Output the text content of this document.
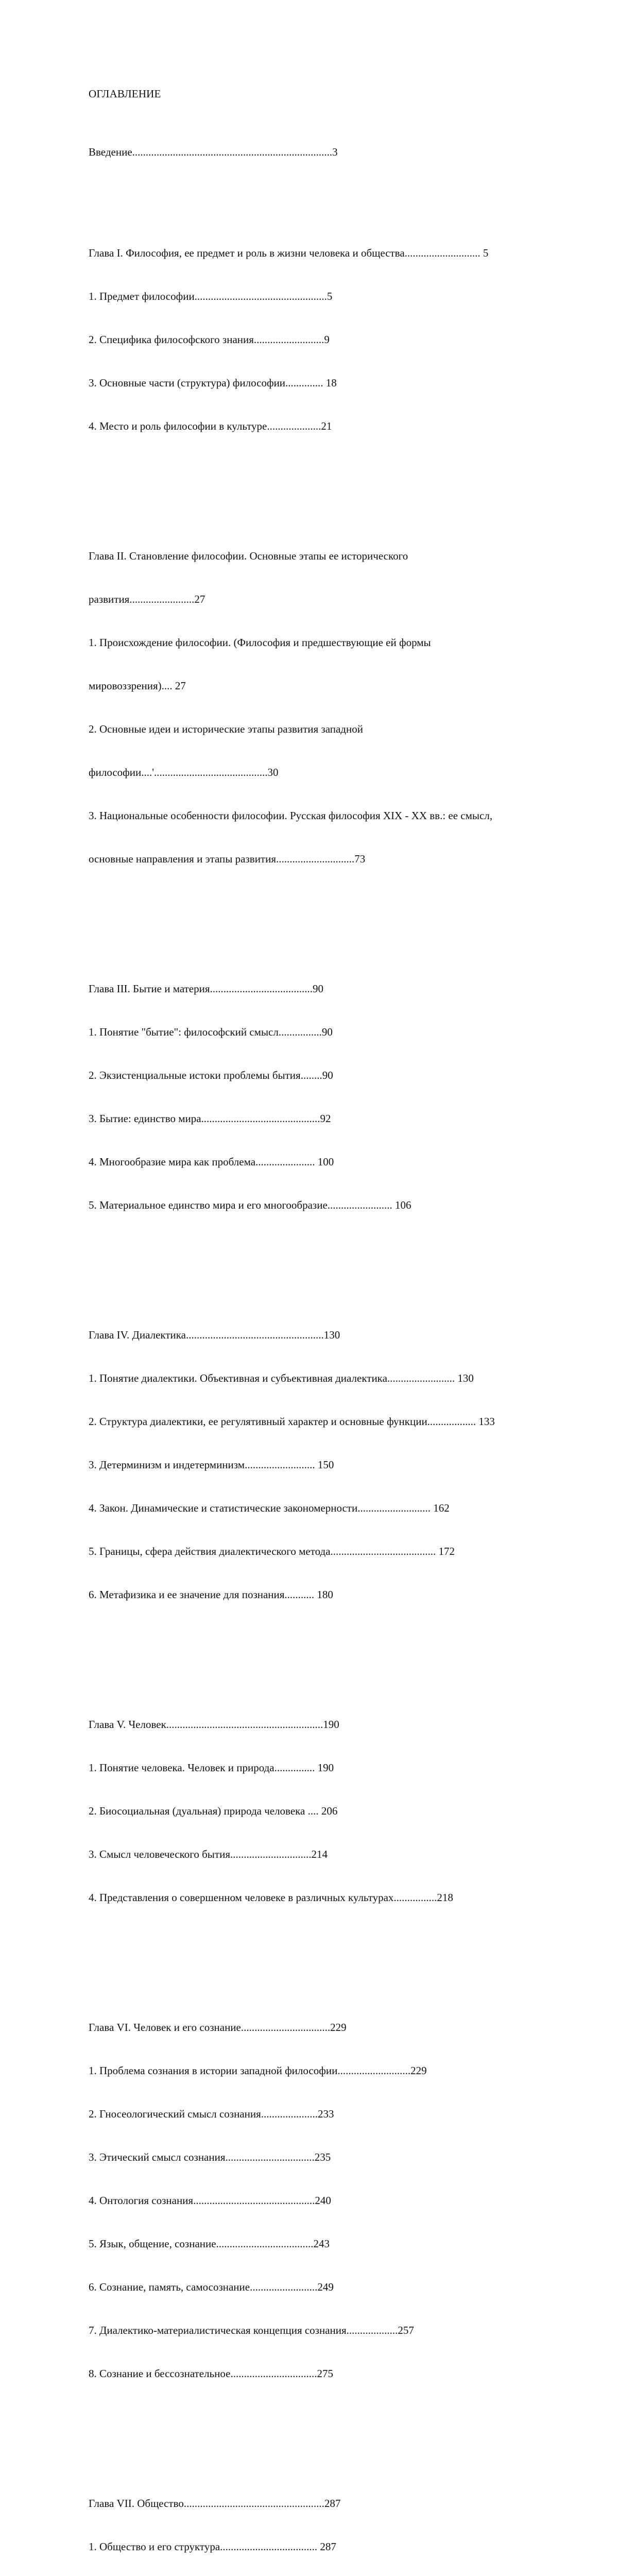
ОГЛАВЛЕНИЕ

Введение..........................................................................3

Глава I. Философия, ее предмет и роль в жизни человека и общества............................ 5

1. Предмет философии.................................................5

2. Специфика философского знания..........................9

3. Основные части (структура) философии.............. 18

4. Место и роль философии в культуре....................21

Глава II. Становление философии. Основные этапы ее исторического

развития........................27

1. Происхождение философии. (Философия и предшествующие ей формы

мировоззрения).... 27

2. Основные идеи и исторические этапы развития западной

философии....'..........................................30

3. Национальные особенности философии. Русская философия XIX - XX вв.: ее смысл,

основные направления и этапы развития.............................73

Глава III. Бытие и материя......................................90

1. Понятие "бытие": философский смысл................90

2. Экзистенциальные истоки проблемы бытия........90

3. Бытие: единство мира............................................92

4. Многообразие мира как проблема...................... 100

5. Материальное единство мира и его многообразие........................ 106

Глава IV. Диалектика...................................................130

1. Понятие диалектики. Объективная и субъективная диалектика......................... 130

2. Структура диалектики, ее регулятивный характер и основные функции.................. 133

3. Детерминизм и индетерминизм.......................... 150

4. Закон. Динамические и статистические закономерности........................... 162

5. Границы, сфера действия диалектического метода....................................... 172

6. Метафизика и ее значение для познания........... 180

Глава V. Человек..........................................................190

1. Понятие человека. Человек и природа............... 190

2. Биосоциальная (дуальная) природа человека .... 206

3. Смысл человеческого бытия..............................214

4. Представления о совершенном человеке в различных культурах................218

Глава VI. Человек и его сознание.................................229

1. Проблема сознания в истории западной философии...........................229

2. Гносеологический смысл сознания.....................233

3. Этический смысл сознания.................................235

4. Онтология сознания.............................................240

5. Язык, общение, сознание....................................243

6. Сознание, память, самосознание.........................249

7. Диалектико-материалистическая концепция сознания...................257

8. Сознание и бессознательное................................275

Глава VII. Общество....................................................287

1. Общество и его структура.................................... 287
